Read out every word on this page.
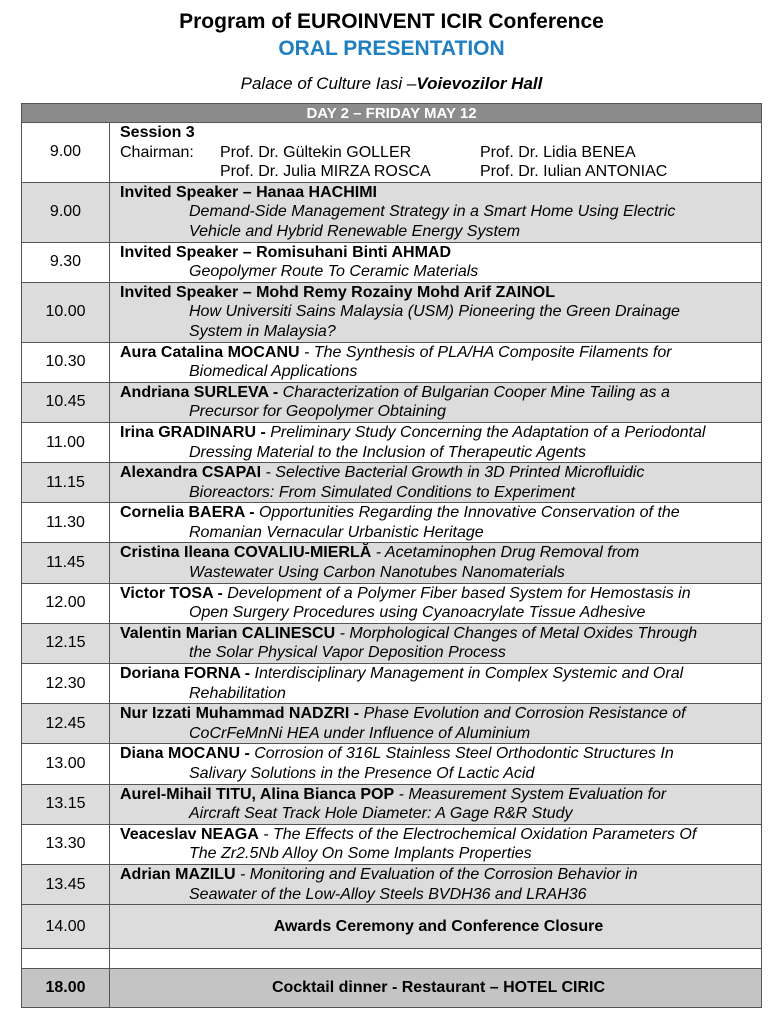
Program of EUROINVENT ICIR Conference
ORAL PRESENTATION
Palace of Culture Iasi –Voievozilor Hall
DAY 2 – FRIDAY MAY 12
9.00	
Session 3
Chairman:	Prof. Dr. Gültekin GOLLER	Prof. Dr. Lidia BENEA
	Prof. Dr. Julia MIRZA ROSCA	Prof. Dr. Iulian ANTONIAC

9.00	
Invited Speaker – Hanaa HACHIMI
Demand-Side Management Strategy in a Smart Home Using Electric
Vehicle and Hybrid Renewable Energy System

9.30	
Invited Speaker – Romisuhani Binti AHMAD
Geopolymer Route To Ceramic Materials

10.00	
Invited Speaker – Mohd Remy Rozainy Mohd Arif ZAINOL
How Universiti Sains Malaysia (USM) Pioneering the Green Drainage
System in Malaysia?

10.30	
Aura Catalina MOCANU - The Synthesis of PLA/HA Composite Filaments for
Biomedical Applications

10.45	
Andriana SURLEVA - Characterization of Bulgarian Cooper Mine Tailing as a
Precursor for Geopolymer Obtaining

11.00	
Irina GRADINARU - Preliminary Study Concerning the Adaptation of a Periodontal
Dressing Material to the Inclusion of Therapeutic Agents

11.15	
Alexandra CSAPAI - Selective Bacterial Growth in 3D Printed Microfluidic
Bioreactors: From Simulated Conditions to Experiment

11.30	
Cornelia BAERA - Opportunities Regarding the Innovative Conservation of the
Romanian Vernacular Urbanistic Heritage

11.45	
Cristina Ileana COVALIU-MIERLĂ - Acetaminophen Drug Removal from
Wastewater Using Carbon Nanotubes Nanomaterials

12.00	
Victor TOSA - Development of a Polymer Fiber based System for Hemostasis in
Open Surgery Procedures using Cyanoacrylate Tissue Adhesive

12.15	
Valentin Marian CALINESCU - Morphological Changes of Metal Oxides Through
the Solar Physical Vapor Deposition Process

12.30	
Doriana FORNA - Interdisciplinary Management in Complex Systemic and Oral
Rehabilitation

12.45	
Nur Izzati Muhammad NADZRI - Phase Evolution and Corrosion Resistance of
CoCrFeMnNi HEA under Influence of Aluminium

13.00	
Diana MOCANU - Corrosion of 316L Stainless Steel Orthodontic Structures In
Salivary Solutions in the Presence Of Lactic Acid

13.15	
Aurel-Mihail TITU, Alina Bianca POP - Measurement System Evaluation for
Aircraft Seat Track Hole Diameter: A Gage R&R Study

13.30	
Veaceslav NEAGA - The Effects of the Electrochemical Oxidation Parameters Of
The Zr2.5Nb Alloy On Some Implants Properties

13.45	
Adrian MAZILU - Monitoring and Evaluation of the Corrosion Behavior in
Seawater of the Low-Alloy Steels BVDH36 and LRAH36

14.00	Awards Ceremony and Conference Closure

18.00	Cocktail dinner - Restaurant – HOTEL CIRIC
